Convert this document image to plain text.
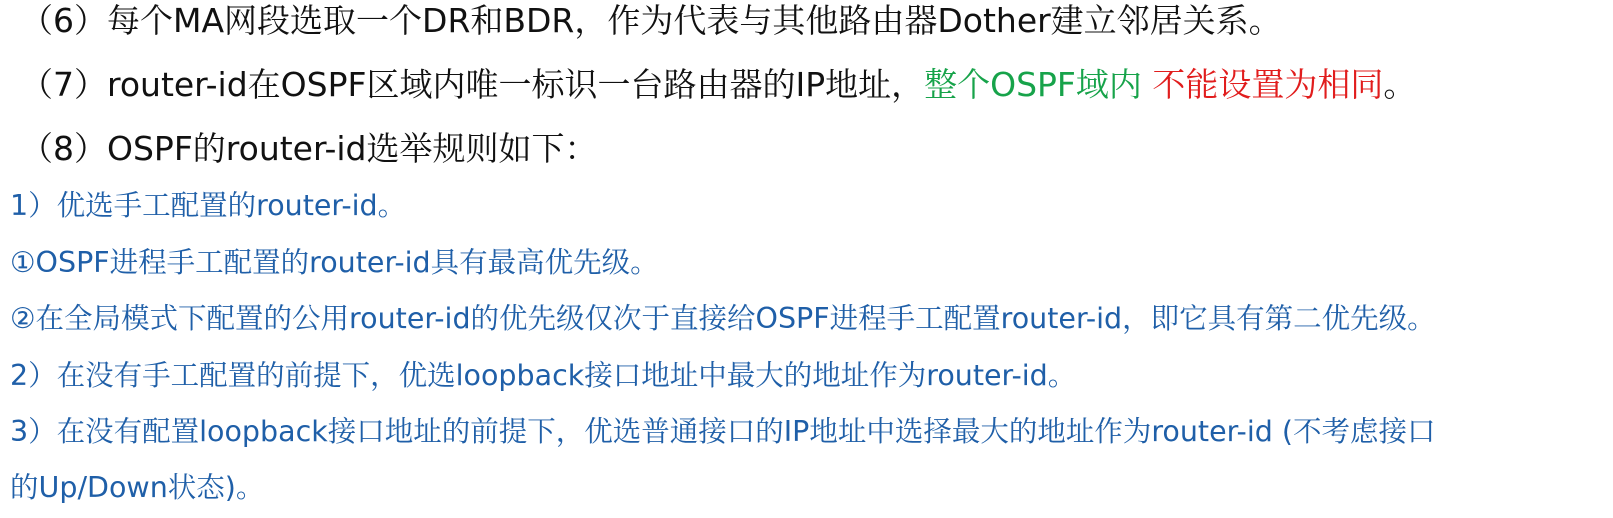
（6）每个MA网段选取一个DR和BDR，作为代表与其他路由器Dother建立邻居关系。
（7）router-id在OSPF区域内唯一标识一台路由器的IP地址，整个OSPF域内 不能设置为相同。
（8）OSPF的router-id选举规则如下：
1）优选手工配置的router-id。
①OSPF进程手工配置的router-id具有最高优先级。
②在全局模式下配置的公用router-id的优先级仅次于直接给OSPF进程手工配置router-id，即它具有第二优先级。
2）在没有手工配置的前提下，优选loopback接口地址中最大的地址作为router-id。
3）在没有配置loopback接口地址的前提下，优选普通接口的IP地址中选择最大的地址作为router-id (不考虑接口
的Up/Down状态)。
